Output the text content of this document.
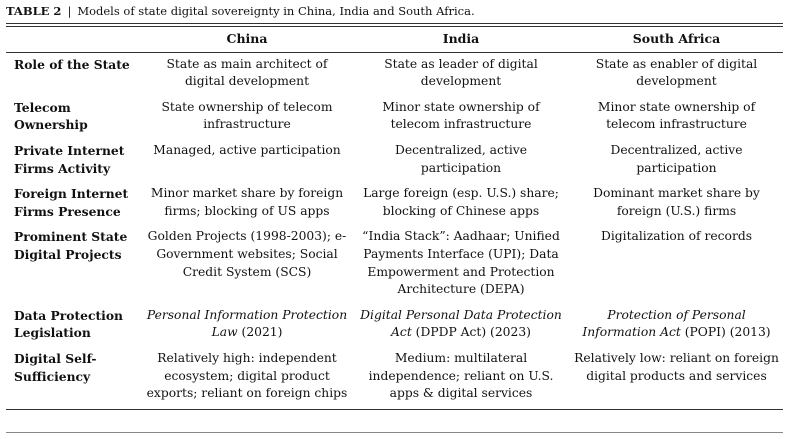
TABLE 2 | Models of state digital sovereignty in China, India and South Africa.
	China	India	South Africa
Role of the State	State as main architect of digital development	State as leader of digital development	State as enabler of digital development
Telecom Ownership	State ownership of telecom infrastructure	Minor state ownership of telecom infrastructure	Minor state ownership of telecom infrastructure
Private Internet Firms Activity	Managed, active participation	Decentralized, active participation	Decentralized, active participation
Foreign Internet Firms Presence	Minor market share by foreign firms; blocking of US apps	Large foreign (esp. U.S.) share; blocking of Chinese apps	Dominant market share by foreign (U.S.) firms
Prominent State Digital Projects	Golden Projects (1998-2003); e-Government websites; Social Credit System (SCS)	“India Stack”: Aadhaar; Unified Payments Interface (UPI); Data Empowerment and Protection Architecture (DEPA)	Digitalization of records
Data Protection Legislation	Personal Information Protection Law (2021)	Digital Personal Data Protection Act (DPDP Act) (2023)	Protection of Personal Information Act (POPI) (2013)
Digital Self-Sufficiency	Relatively high: independent ecosystem; digital product exports; reliant on foreign chips	Medium: multilateral independence; reliant on U.S. apps & digital services	Relatively low: reliant on foreign digital products and services
